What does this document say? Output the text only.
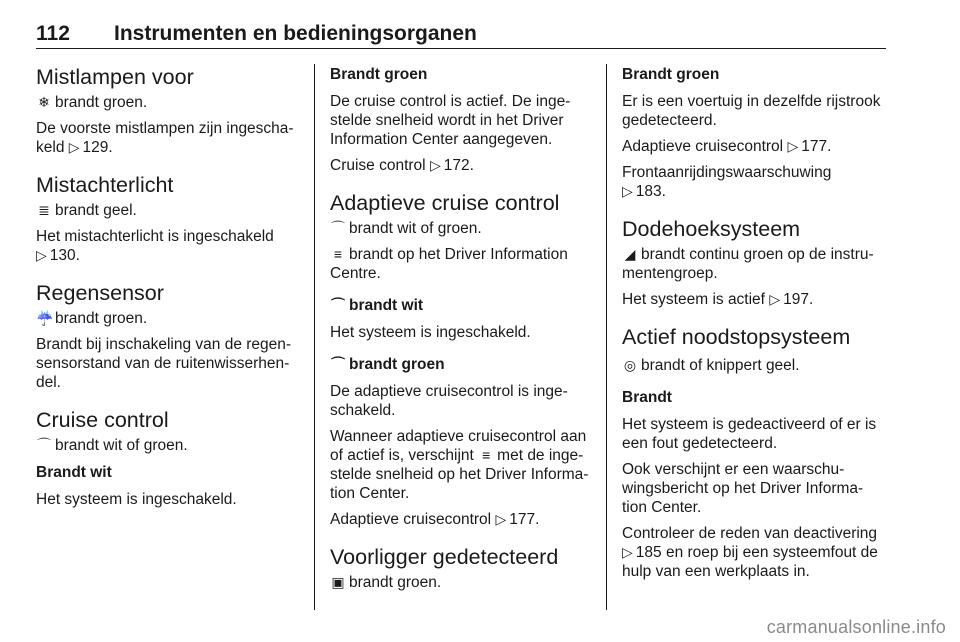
112 Instrumenten en bedieningsorganen
Mistlampen voor
❄ brandt groen.
De voorste mistlampen zijn ingescha-keld ▷ 129.
Mistachterlicht
≣ brandt geel.
Het mistachterlicht is ingeschakeld
▷ 130.
Regensensor
☔ brandt groen.
Brandt bij inschakeling van de regen-sensorstand van de ruitenwisserhen-del.
Cruise control
⌒ brandt wit of groen.
Brandt wit
Het systeem is ingeschakeld.
Brandt groen
De cruise control is actief. De inge-stelde snelheid wordt in het Driver Information Center aangegeven.
Cruise control ▷ 172.
Adaptieve cruise control
⌒ brandt wit of groen.
≡ brandt op het Driver Information Centre.
⌒ brandt wit
Het systeem is ingeschakeld.
⌒ brandt groen
De adaptieve cruisecontrol is inge-schakeld.
Wanneer adaptieve cruisecontrol aan of actief is, verschijnt ≡ met de inge-stelde snelheid op het Driver Informa-tion Center.
Adaptieve cruisecontrol ▷ 177.
Voorligger gedetecteerd
▣ brandt groen.
Brandt groen
Er is een voertuig in dezelfde rijstrook gedetecteerd.
Adaptieve cruisecontrol ▷ 177.
Frontaanrijdingswaarschuwing
▷ 183.
Dodehoeksysteem
◢ brandt continu groen op de instru-mentengroep.
Het systeem is actief ▷ 197.
Actief noodstopsysteem
◎ brandt of knippert geel.
Brandt
Het systeem is gedeactiveerd of er is een fout gedetecteerd.
Ook verschijnt er een waarschu-wingsbericht op het Driver Informa-tion Center.
Controleer de reden van deactivering
▷ 185 en roep bij een systeemfout de hulp van een werkplaats in.
carmanualsonline.info
